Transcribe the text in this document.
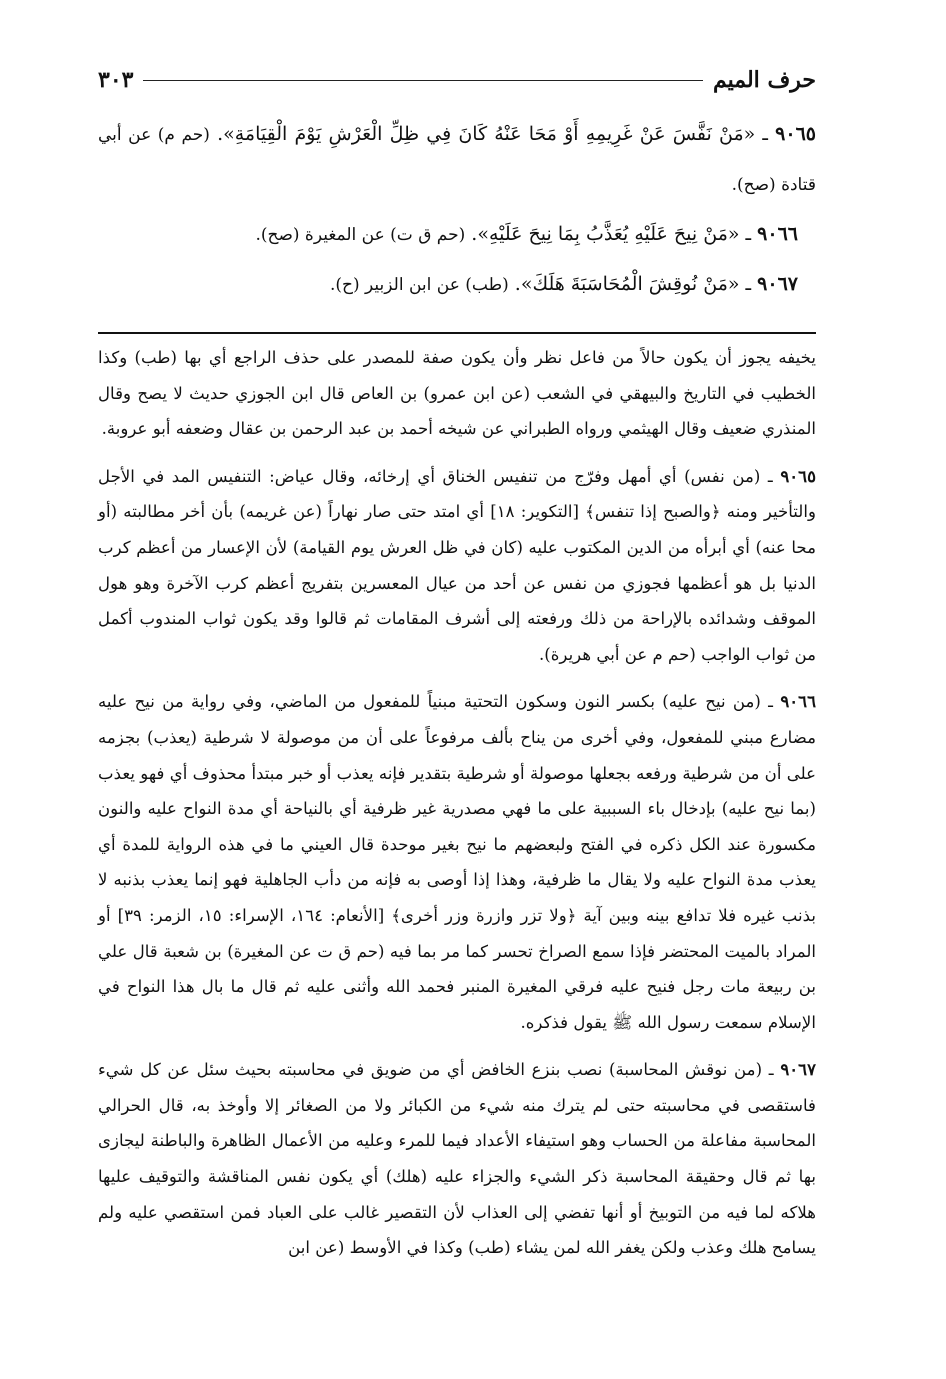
حرف الميم
٣٠٣

٩٠٦٥ ـ «مَنْ نَفَّسَ عَنْ غَرِيمِهِ أَوْ مَحَا عَنْهُ كَانَ فِي ظِلِّ الْعَرْشِ يَوْمَ الْقِيَامَةِ». (حم م) عن أبي قتادة (صح).

٩٠٦٦ ـ «مَنْ نِيحَ عَلَيْهِ يُعَذَّبُ بِمَا نِيحَ عَلَيْهِ». (حم ق ت) عن المغيرة (صح).

٩٠٦٧ ـ «مَنْ نُوقِشَ الْمُحَاسَبَةَ هَلَكَ». (طب) عن ابن الزبير (ح).

يخيفه يجوز أن يكون حالاً من فاعل نظر وأن يكون صفة للمصدر على حذف الراجع أي بها (طب) وكذا الخطيب في التاريخ والبيهقي في الشعب (عن ابن عمرو) بن العاص قال ابن الجوزي حديث لا يصح وقال المنذري ضعيف وقال الهيثمي ورواه الطبراني عن شيخه أحمد بن عبد الرحمن بن عقال وضعفه أبو عروبة.

٩٠٦٥ ـ (من نفس) أي أمهل وفرّج من تنفيس الخناق أي إرخائه، وقال عياض: التنفيس المد في الأجل والتأخير ومنه ﴿والصبح إذا تنفس﴾ [التكوير: ١٨] أي امتد حتى صار نهاراً (عن غريمه) بأن أخر مطالبته (أو محا عنه) أي أبرأه من الدين المكتوب عليه (كان في ظل العرش يوم القيامة) لأن الإعسار من أعظم كرب الدنيا بل هو أعظمها فجوزي من نفس عن أحد من عيال المعسرين بتفريج أعظم كرب الآخرة وهو هول الموقف وشدائده بالإراحة من ذلك ورفعته إلى أشرف المقامات ثم قالوا وقد يكون ثواب المندوب أكمل من ثواب الواجب (حم م عن أبي هريرة).

٩٠٦٦ ـ (من نيح عليه) بكسر النون وسكون التحتية مبنياً للمفعول من الماضي، وفي رواية من نيح عليه مضارع مبني للمفعول، وفي أخرى من يناح بألف مرفوعاً على أن من موصولة لا شرطية (يعذب) بجزمه على أن من شرطية ورفعه بجعلها موصولة أو شرطية بتقدير فإنه يعذب أو خبر مبتدأ محذوف أي فهو يعذب (بما نيح عليه) بإدخال باء السببية على ما فهي مصدرية غير ظرفية أي بالنياحة أي مدة النواح عليه والنون مكسورة عند الكل ذكره في الفتح ولبعضهم ما نيح بغير موحدة قال العيني ما في هذه الرواية للمدة أي يعذب مدة النواح عليه ولا يقال ما ظرفية، وهذا إذا أوصى به فإنه من دأب الجاهلية فهو إنما يعذب بذنبه لا بذنب غيره فلا تدافع بينه وبين آية ﴿ولا تزر وازرة وزر أخرى﴾ [الأنعام: ١٦٤، الإسراء: ١٥، الزمر: ٣٩] أو المراد بالميت المحتضر فإذا سمع الصراخ تحسر كما مر بما فيه (حم ق ت عن المغيرة) بن شعبة قال علي بن ربيعة مات رجل فنيح عليه فرقي المغيرة المنبر فحمد الله وأثنى عليه ثم قال ما بال هذا النواح في الإسلام سمعت رسول الله ﷺ يقول فذكره.

٩٠٦٧ ـ (من نوقش المحاسبة) نصب بنزع الخافض أي من ضويق في محاسبته بحيث سئل عن كل شيء فاستقصى في محاسبته حتى لم يترك منه شيء من الكبائر ولا من الصغائر إلا وأوخذ به، قال الحرالي المحاسبة مفاعلة من الحساب وهو استيفاء الأعداد فيما للمرء وعليه من الأعمال الظاهرة والباطنة ليجازى بها ثم قال وحقيقة المحاسبة ذكر الشيء والجزاء عليه (هلك) أي يكون نفس المناقشة والتوقيف عليها هلاكه لما فيه من التوبيخ أو أنها تفضي إلى العذاب لأن التقصير غالب على العباد فمن استقصي عليه ولم يسامح هلك وعذب ولكن يغفر الله لمن يشاء (طب) وكذا في الأوسط (عن ابن
